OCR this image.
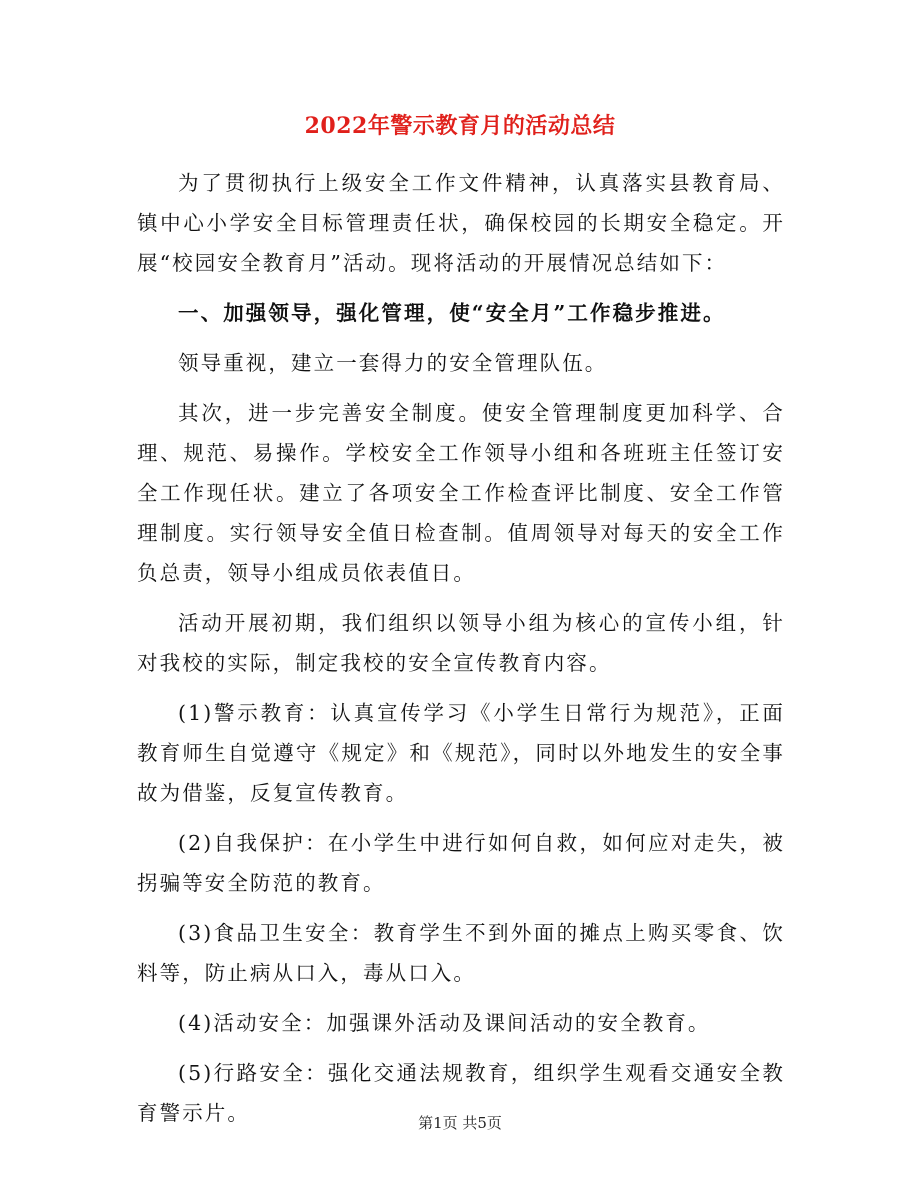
2022年警示教育月的活动总结

为了贯彻执行上级安全工作文件精神，认真落实县教育局、镇中心小学安全目标管理责任状，确保校园的长期安全稳定。开展“校园安全教育月”活动。现将活动的开展情况总结如下：

一、加强领导，强化管理，使“安全月”工作稳步推进。

领导重视，建立一套得力的安全管理队伍。

其次，进一步完善安全制度。使安全管理制度更加科学、合理、规范、易操作。学校安全工作领导小组和各班班主任签订安全工作现任状。建立了各项安全工作检查评比制度、安全工作管理制度。实行领导安全值日检查制。值周领导对每天的安全工作负总责，领导小组成员依表值日。

活动开展初期，我们组织以领导小组为核心的宣传小组，针对我校的实际，制定我校的安全宣传教育内容。

(1)警示教育：认真宣传学习《小学生日常行为规范》，正面教育师生自觉遵守《规定》和《规范》，同时以外地发生的安全事故为借鉴，反复宣传教育。

(2)自我保护：在小学生中进行如何自救，如何应对走失，被拐骗等安全防范的教育。

(3)食品卫生安全：教育学生不到外面的摊点上购买零食、饮料等，防止病从口入，毒从口入。

(4)活动安全：加强课外活动及课间活动的安全教育。

(5)行路安全：强化交通法规教育，组织学生观看交通安全教育警示片。	第1页 共5页
